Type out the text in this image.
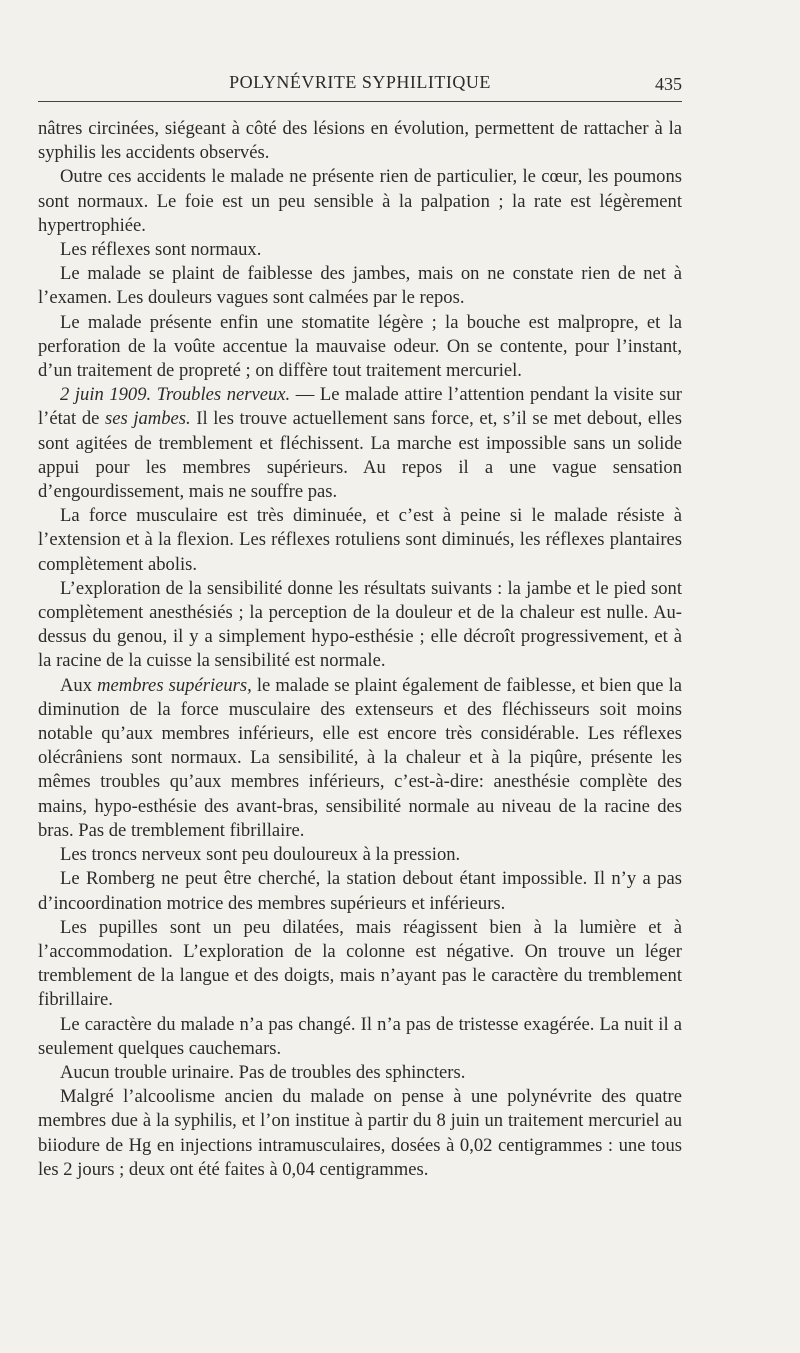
POLYNÉVRITE SYPHILITIQUE	435

nâtres circinées, siégeant à côté des lésions en évolution, permettent de rattacher à la syphilis les accidents observés.

Outre ces accidents le malade ne présente rien de particulier, le cœur, les poumons sont normaux. Le foie est un peu sensible à la palpation ; la rate est légèrement hypertrophiée.

Les réflexes sont normaux.

Le malade se plaint de faiblesse des jambes, mais on ne constate rien de net à l’examen. Les douleurs vagues sont calmées par le repos.

Le malade présente enfin une stomatite légère ; la bouche est malpropre, et la perforation de la voûte accentue la mauvaise odeur. On se contente, pour l’instant, d’un traitement de propreté ; on diffère tout traitement mercuriel.

2 juin 1909. Troubles nerveux. — Le malade attire l’attention pendant la visite sur l’état de ses jambes. Il les trouve actuellement sans force, et, s’il se met debout, elles sont agitées de tremblement et fléchissent. La marche est impossible sans un solide appui pour les membres supérieurs. Au repos il a une vague sensation d’engourdissement, mais ne souffre pas.

La force musculaire est très diminuée, et c’est à peine si le malade résiste à l’extension et à la flexion. Les réflexes rotuliens sont diminués, les réflexes plantaires complètement abolis.

L’exploration de la sensibilité donne les résultats suivants : la jambe et le pied sont complètement anesthésiés ; la perception de la douleur et de la chaleur est nulle. Au-dessus du genou, il y a simplement hypo-esthésie ; elle décroît progressivement, et à la racine de la cuisse la sensibilité est normale.

Aux membres supérieurs, le malade se plaint également de faiblesse, et bien que la diminution de la force musculaire des extenseurs et des fléchisseurs soit moins notable qu’aux membres inférieurs, elle est encore très considérable. Les réflexes olécrâniens sont normaux. La sensibilité, à la chaleur et à la piqûre, présente les mêmes troubles qu’aux membres inférieurs, c’est-à-dire: anesthésie complète des mains, hypo-esthésie des avant-bras, sensibilité normale au niveau de la racine des bras. Pas de tremblement fibrillaire.

Les troncs nerveux sont peu douloureux à la pression.

Le Romberg ne peut être cherché, la station debout étant impossible. Il n’y a pas d’incoordination motrice des membres supérieurs et inférieurs.

Les pupilles sont un peu dilatées, mais réagissent bien à la lumière et à l’accommodation. L’exploration de la colonne est négative. On trouve un léger tremblement de la langue et des doigts, mais n’ayant pas le caractère du tremblement fibrillaire.

Le caractère du malade n’a pas changé. Il n’a pas de tristesse exagérée. La nuit il a seulement quelques cauchemars.

Aucun trouble urinaire. Pas de troubles des sphincters.

Malgré l’alcoolisme ancien du malade on pense à une polynévrite des quatre membres due à la syphilis, et l’on institue à partir du 8 juin un traitement mercuriel au biiodure de Hg en injections intramusculaires, dosées à 0,02 centigrammes : une tous les 2 jours ; deux ont été faites à 0,04 centigrammes.
